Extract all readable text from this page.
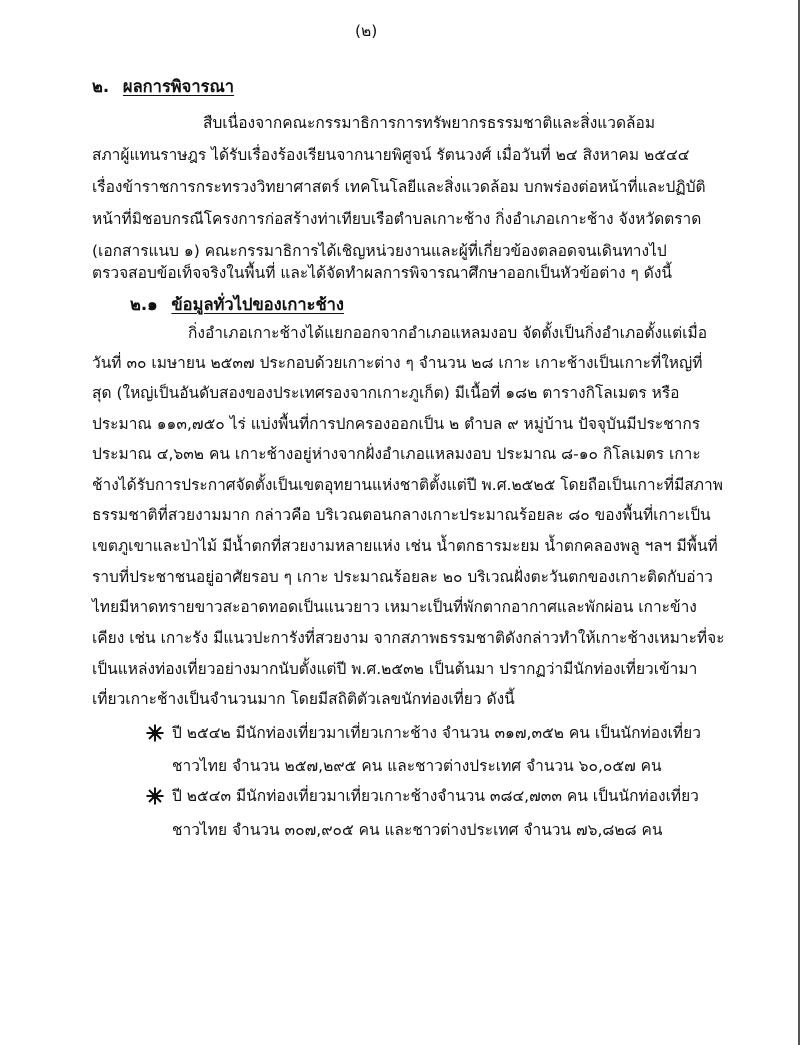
(๒)
๒. ผลการพิจารณา
สืบเนื่องจากคณะกรรมาธิการการทรัพยากรธรรมชาติและสิ่งแวดล้อม
สภาผู้แทนราษฎร ได้รับเรื่องร้องเรียนจากนายพิศูจน์ รัตนวงศ์ เมื่อวันที่ ๒๔ สิงหาคม ๒๕๔๔
เรื่องข้าราชการกระทรวงวิทยาศาสตร์ เทคโนโลยีและสิ่งแวดล้อม บกพร่องต่อหน้าที่และปฏิบัติ
หน้าที่มิชอบกรณีโครงการก่อสร้างท่าเทียบเรือตำบลเกาะช้าง กิ่งอำเภอเกาะช้าง จังหวัดตราด
(เอกสารแนบ ๑) คณะกรรมาธิการได้เชิญหน่วยงานและผู้ที่เกี่ยวข้องตลอดจนเดินทางไป
ตรวจสอบข้อเท็จจริงในพื้นที่ และได้จัดทำผลการพิจารณาศึกษาออกเป็นหัวข้อต่าง ๆ ดังนี้
๒.๑ ข้อมูลทั่วไปของเกาะช้าง
กิ่งอำเภอเกาะช้างได้แยกออกจากอำเภอแหลมงอบ จัดตั้งเป็นกิ่งอำเภอตั้งแต่เมื่อ
วันที่ ๓๐ เมษายน ๒๕๓๗ ประกอบด้วยเกาะต่าง ๆ จำนวน ๒๘ เกาะ เกาะช้างเป็นเกาะที่ใหญ่ที่
สุด (ใหญ่เป็นอันดับสองของประเทศรองจากเกาะภูเก็ต) มีเนื้อที่ ๑๘๒ ตารางกิโลเมตร หรือ
ประมาณ ๑๑๓,๗๕๐ ไร่ แบ่งพื้นที่การปกครองออกเป็น ๒ ตำบล ๙ หมู่บ้าน ปัจจุบันมีประชากร
ประมาณ ๔,๖๓๒ คน เกาะช้างอยู่ห่างจากฝั่งอำเภอแหลมงอบ ประมาณ ๘-๑๐ กิโลเมตร เกาะ
ช้างได้รับการประกาศจัดตั้งเป็นเขตอุทยานแห่งชาติตั้งแต่ปี พ.ศ.๒๕๒๕ โดยถือเป็นเกาะที่มีสภาพ
ธรรมชาติที่สวยงามมาก กล่าวคือ บริเวณตอนกลางเกาะประมาณร้อยละ ๘๐ ของพื้นที่เกาะเป็น
เขตภูเขาและป่าไม้ มีน้ำตกที่สวยงามหลายแห่ง เช่น น้ำตกธารมะยม น้ำตกคลองพลู ฯลฯ มีพื้นที่
ราบที่ประชาชนอยู่อาศัยรอบ ๆ เกาะ ประมาณร้อยละ ๒๐ บริเวณฝั่งตะวันตกของเกาะติดกับอ่าว
ไทยมีหาดทรายขาวสะอาดทอดเป็นแนวยาว เหมาะเป็นที่พักตากอากาศและพักผ่อน เกาะข้าง
เคียง เช่น เกาะรัง มีแนวปะการังที่สวยงาม จากสภาพธรรมชาติดังกล่าวทำให้เกาะช้างเหมาะที่จะ
เป็นแหล่งท่องเที่ยวอย่างมากนับตั้งแต่ปี พ.ศ.๒๕๓๒ เป็นต้นมา ปรากฏว่ามีนักท่องเที่ยวเข้ามา
เที่ยวเกาะช้างเป็นจำนวนมาก โดยมีสถิติตัวเลขนักท่องเที่ยว ดังนี้
ปี ๒๕๔๒ มีนักท่องเที่ยวมาเที่ยวเกาะช้าง จำนวน ๓๑๗,๓๕๒ คน เป็นนักท่องเที่ยว
ชาวไทย จำนวน ๒๕๗,๒๙๕ คน และชาวต่างประเทศ จำนวน ๖๐,๐๕๗ คน
ปี ๒๕๔๓ มีนักท่องเที่ยวมาเที่ยวเกาะช้างจำนวน ๓๘๔,๗๓๓ คน เป็นนักท่องเที่ยว
ชาวไทย จำนวน ๓๐๗,๙๐๕ คน และชาวต่างประเทศ จำนวน ๗๖,๘๒๘ คน
